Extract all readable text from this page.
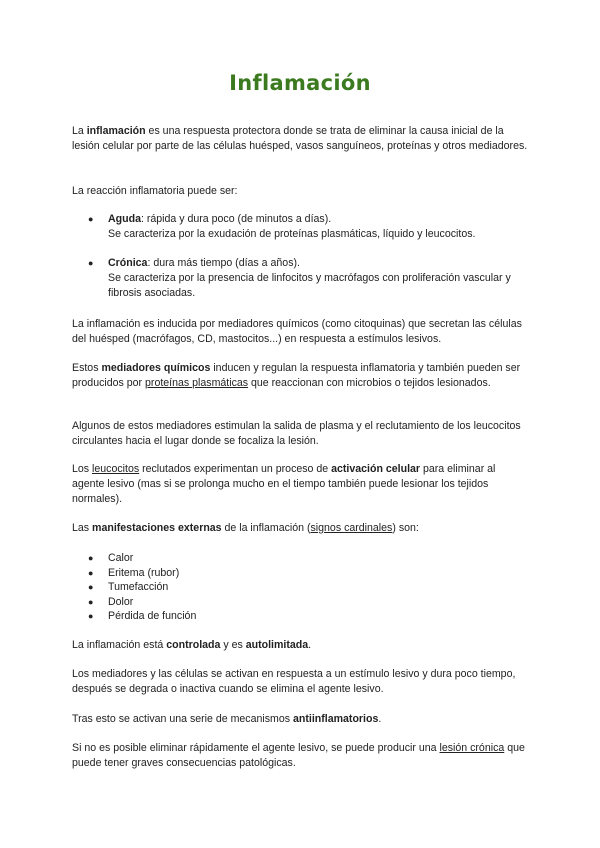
Inflamación

La inflamación es una respuesta protectora donde se trata de eliminar la causa inicial de la lesión celular por parte de las células huésped, vasos sanguíneos, proteínas y otros mediadores.

La reacción inflamatoria puede ser:

● Aguda: rápida y dura poco (de minutos a días).
Se caracteriza por la exudación de proteínas plasmáticas, líquido y leucocitos.
● Crónica: dura más tiempo (días a años).
Se caracteriza por la presencia de linfocitos y macrófagos con proliferación vascular y fibrosis asociadas.

La inflamación es inducida por mediadores químicos (como citoquinas) que secretan las células del huésped (macrófagos, CD, mastocitos...) en respuesta a estímulos lesivos.

Estos mediadores químicos inducen y regulan la respuesta inflamatoria y también pueden ser producidos por proteínas plasmáticas que reaccionan con microbios o tejidos lesionados.

Algunos de estos mediadores estimulan la salida de plasma y el reclutamiento de los leucocitos circulantes hacia el lugar donde se focaliza la lesión.

Los leucocitos reclutados experimentan un proceso de activación celular para eliminar al agente lesivo (mas si se prolonga mucho en el tiempo también puede lesionar los tejidos normales).

Las manifestaciones externas de la inflamación (signos cardinales) son:

● Calor
● Eritema (rubor)
● Tumefacción
● Dolor
● Pérdida de función

La inflamación está controlada y es autolimitada.

Los mediadores y las células se activan en respuesta a un estímulo lesivo y dura poco tiempo, después se degrada o inactiva cuando se elimina el agente lesivo.

Tras esto se activan una serie de mecanismos antiinflamatorios.

Si no es posible eliminar rápidamente el agente lesivo, se puede producir una lesión crónica que puede tener graves consecuencias patológicas.
